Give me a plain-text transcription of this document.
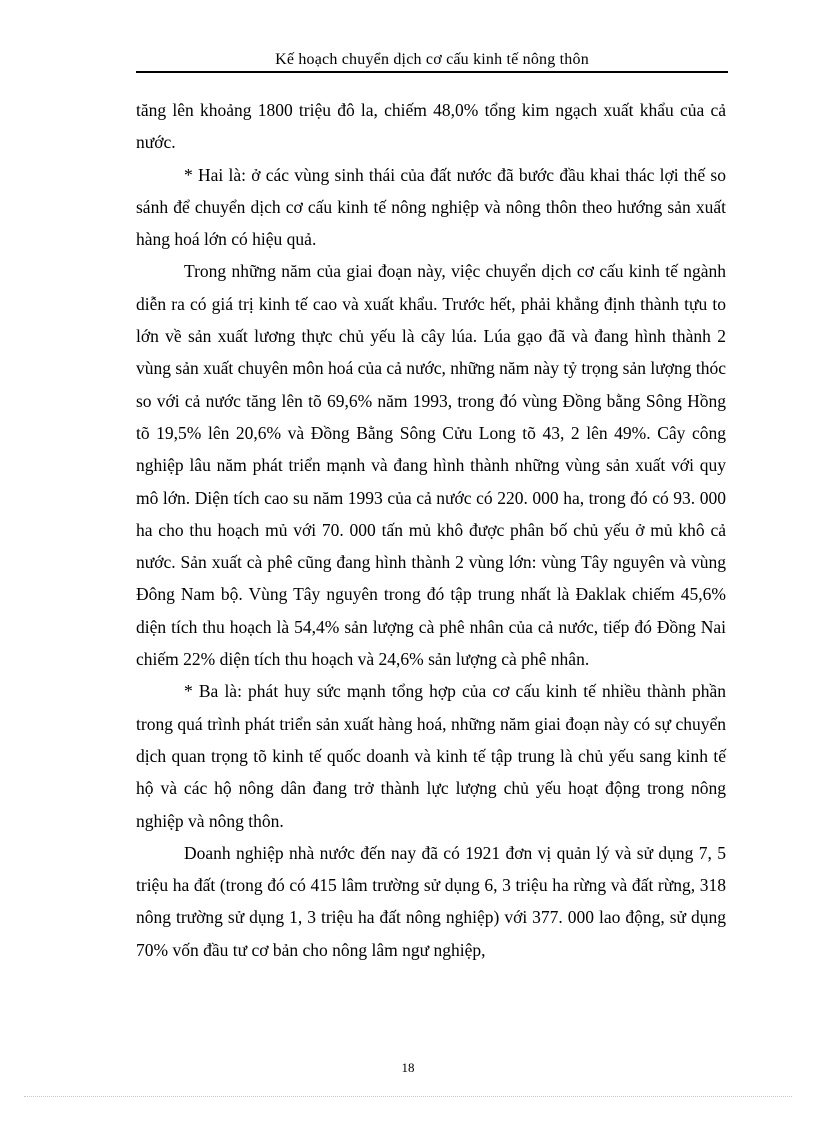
Kế hoạch chuyển dịch cơ cấu kinh tế nông thôn

tăng lên khoảng 1800 triệu đô la, chiếm 48,0% tổng kim ngạch xuất khẩu của cả nước.

* Hai là: ở các vùng sinh thái của đất nước đã bước đầu khai thác lợi thế so sánh để chuyển dịch cơ cấu kinh tế nông nghiệp và nông thôn theo hướng sản xuất hàng hoá lớn có hiệu quả.

Trong những năm của giai đoạn này, việc chuyển dịch cơ cấu kinh tế ngành diễn ra có giá trị kinh tế cao và xuất khẩu. Trước hết, phải khẳng định thành tựu to lớn về sản xuất lương thực chủ yếu là cây lúa. Lúa gạo đã và đang hình thành 2 vùng sản xuất chuyên môn hoá của cả nước, những năm này tỷ trọng sản lượng thóc so với cả nước tăng lên tõ 69,6% năm 1993, trong đó vùng Đồng bằng Sông Hồng tõ 19,5% lên 20,6% và Đồng Bằng Sông Cửu Long tõ 43, 2 lên 49%. Cây công nghiệp lâu năm phát triển mạnh và đang hình thành những vùng sản xuất với quy mô lớn. Diện tích cao su năm 1993 của cả nước có 220. 000 ha, trong đó có 93. 000 ha cho thu hoạch mủ với 70. 000 tấn mủ khô được phân bố chủ yếu ở mủ khô cả nước. Sản xuất cà phê cũng đang hình thành 2 vùng lớn: vùng Tây nguyên và vùng Đông Nam bộ. Vùng Tây nguyên trong đó tập trung nhất là Đaklak chiếm 45,6% diện tích thu hoạch là 54,4% sản lượng cà phê nhân của cả nước, tiếp đó Đồng Nai chiếm 22% diện tích thu hoạch và 24,6% sản lượng cà phê nhân.

* Ba là: phát huy sức mạnh tổng hợp của cơ cấu kinh tế nhiều thành phần trong quá trình phát triển sản xuất hàng hoá, những năm giai đoạn này có sự chuyển dịch quan trọng tõ kinh tế quốc doanh và kinh tế tập trung là chủ yếu sang kinh tế hộ và các hộ nông dân đang trở thành lực lượng chủ yếu hoạt động trong nông nghiệp và nông thôn.

Doanh nghiệp nhà nước đến nay đã có 1921 đơn vị quản lý và sử dụng 7, 5 triệu ha đất (trong đó có 415 lâm trường sử dụng 6, 3 triệu ha rừng và đất rừng, 318 nông trường sử dụng 1, 3 triệu ha đất nông nghiệp) với 377. 000 lao động, sử dụng 70% vốn đầu tư cơ bản cho nông lâm ngư nghiệp,

18
